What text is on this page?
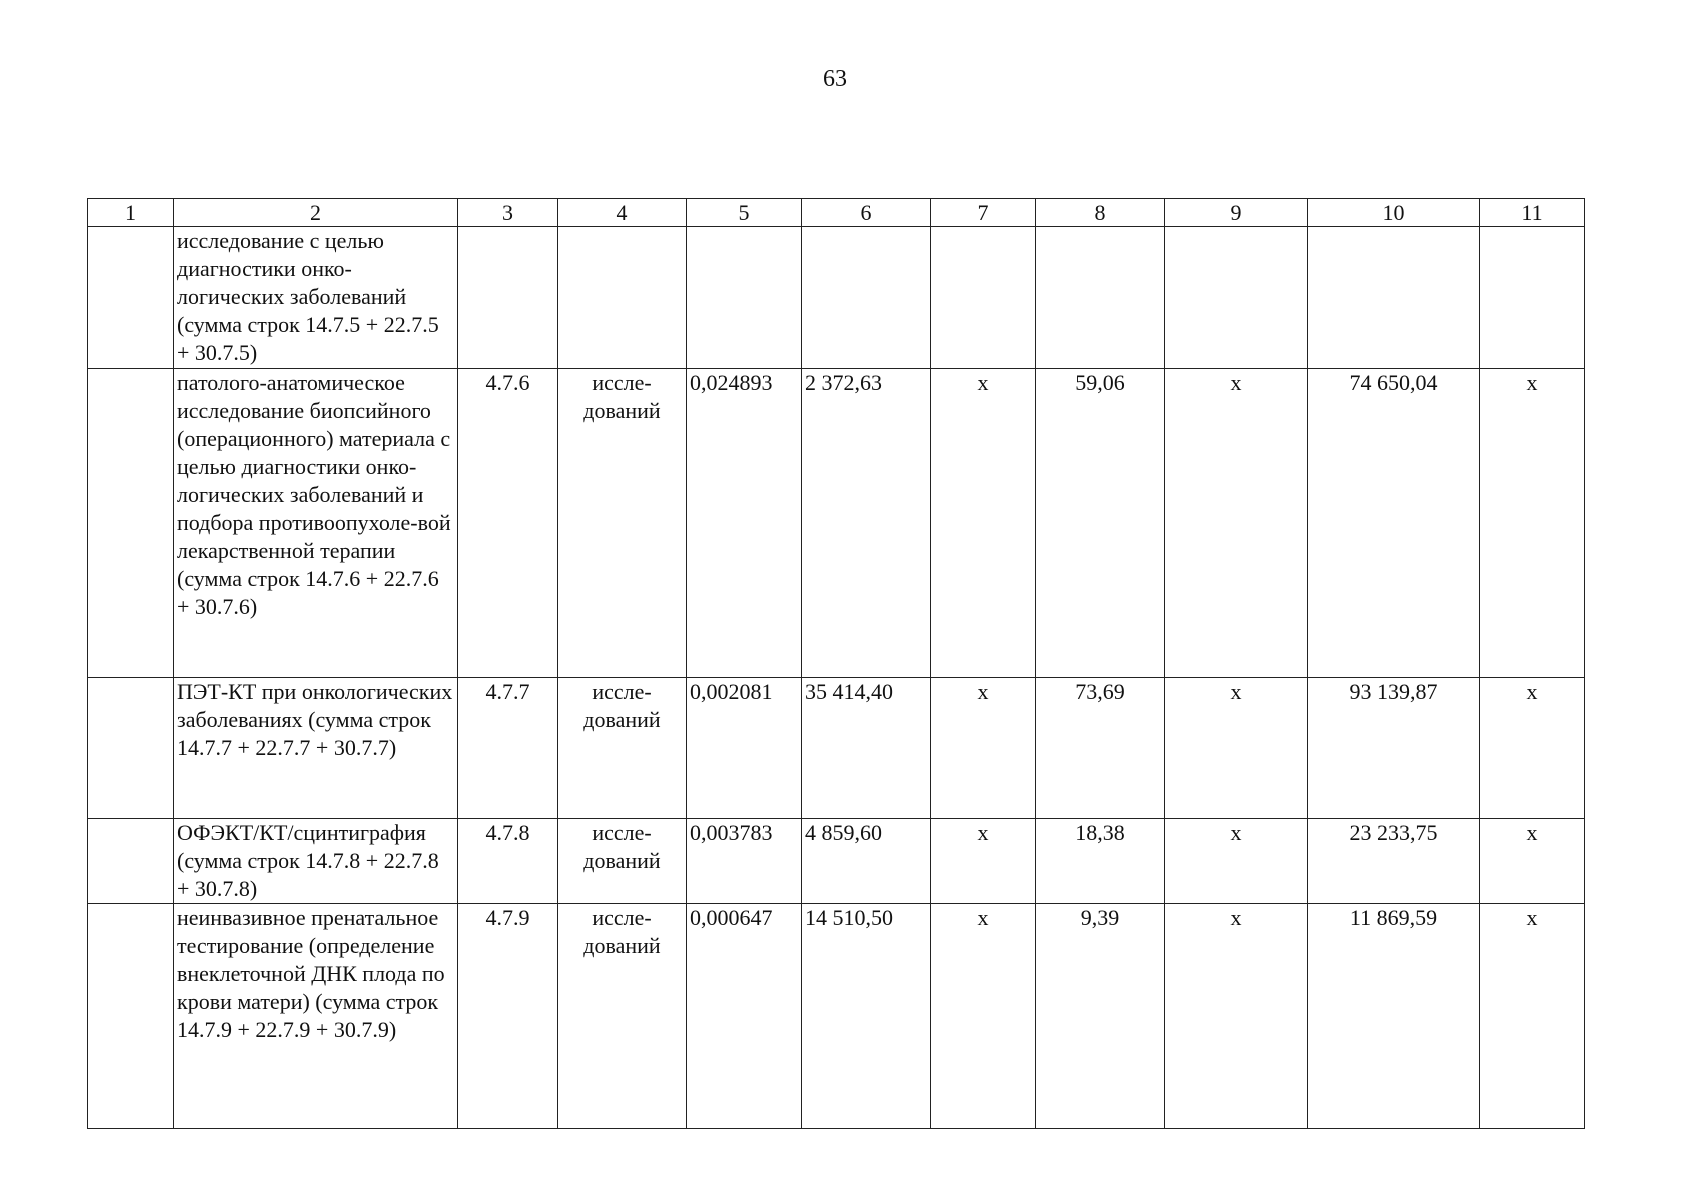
63
1	2	3	4	5	6	7	8	9	10	11
	исследование с целью диагностики онко-логических заболеваний (сумма строк 14.7.5 + 22.7.5 + 30.7.5)									
	патолого-анатомическое исследование биопсийного (операционного) материала с целью диагностики онко-логических заболеваний и подбора противоопухоле-вой лекарственной терапии (сумма строк 14.7.6 + 22.7.6 + 30.7.6)	4.7.6	иссле-дований	0,024893	2 372,63	х	59,06	х	74 650,04	х
	ПЭТ-КТ при онкологических заболеваниях (сумма строк 14.7.7 + 22.7.7 + 30.7.7)	4.7.7	иссле-дований	0,002081	35 414,40	х	73,69	х	93 139,87	х
	ОФЭКТ/КТ/сцинтиграфия (сумма строк 14.7.8 + 22.7.8 + 30.7.8)	4.7.8	иссле-дований	0,003783	4 859,60	х	18,38	х	23 233,75	х
	неинвазивное пренатальное тестирование (определение внеклеточной ДНК плода по крови матери) (сумма строк 14.7.9 + 22.7.9 + 30.7.9)	4.7.9	иссле-дований	0,000647	14 510,50	х	9,39	х	11 869,59	х
